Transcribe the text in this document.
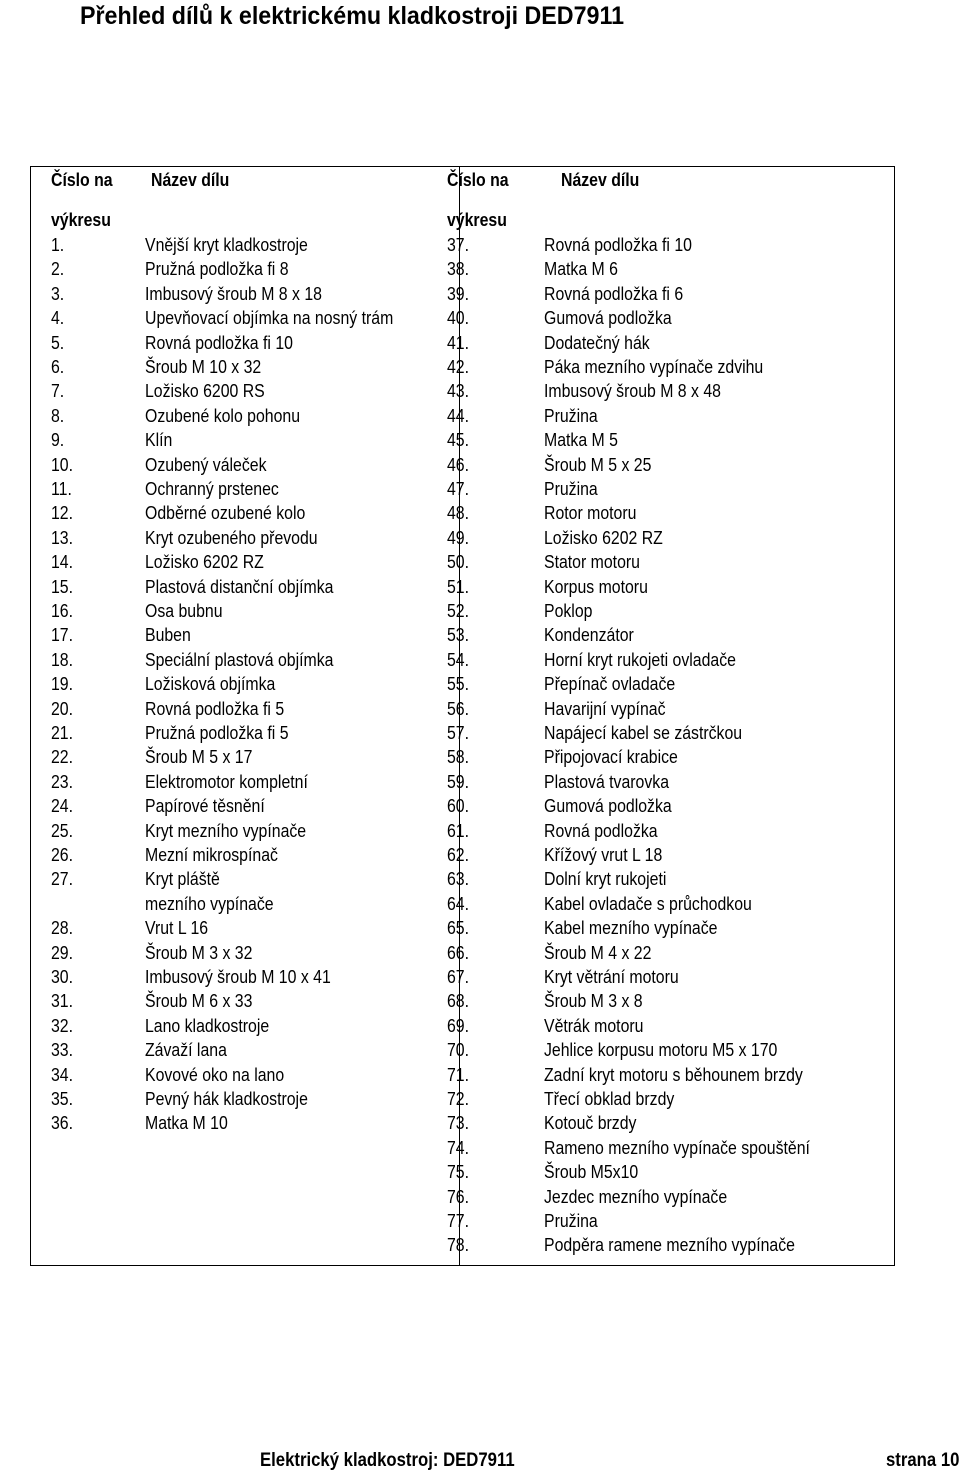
Přehled dílů k elektrickému kladkostroji DED7911
Číslo na Název dílu
výkresu
Číslo na	Název dílu
výkresu
1.	Vnější kryt kladkostroje
2.	Pružná podložka fi 8
3.	Imbusový šroub M 8 x 18
4.	Upevňovací objímka na nosný trám
5.	Rovná podložka fi 10
6.	Šroub M 10 x 32
7.	Ložisko 6200 RS
8.	Ozubené kolo pohonu
9.	Klín
10.	Ozubený váleček
11.	Ochranný prstenec
12.	Odběrné ozubené kolo
13.	Kryt ozubeného převodu
14.	Ložisko 6202 RZ
15.	Plastová distanční objímka
16.	Osa bubnu
17.	Buben
18.	Speciální plastová objímka
19.	Ložisková objímka
20.	Rovná podložka fi 5
21.	Pružná podložka fi 5
22.	Šroub M 5 x 17
23.	Elektromotor kompletní
24.	Papírové těsnění
25.	Kryt mezního vypínače
26.	Mezní mikrospínač
27.	Kryt pláště
mezního vypínače
28.	Vrut L 16
29.	Šroub M 3 x 32
30.	Imbusový šroub M 10 x 41
31.	Šroub M 6 x 33
32.	Lano kladkostroje
33.	Závaží lana
34.	Kovové oko na lano
35.	Pevný hák kladkostroje
36.	Matka M 10
37.	Rovná podložka fi 10
38.	Matka M 6
39.	Rovná podložka fi 6
40.	Gumová podložka
41.	Dodatečný hák
42.	Páka mezního vypínače zdvihu
43.	Imbusový šroub M 8 x 48
44.	Pružina
45.	Matka M 5
46.	Šroub M 5 x 25
47.	Pružina
48.	Rotor motoru
49.	Ložisko 6202 RZ
50.	Stator motoru
51.	Korpus motoru
52.	Poklop
53.	Kondenzátor
54.	Horní kryt rukojeti ovladače
55.	Přepínač ovladače
56.	Havarijní vypínač
57.	Napájecí kabel se zástrčkou
58.	Připojovací krabice
59.	Plastová tvarovka
60.	Gumová podložka
61.	Rovná podložka
62.	Křížový vrut L 18
63.	Dolní kryt rukojeti
64.	Kabel ovladače s průchodkou
65.	Kabel mezního vypínače
66.	Šroub M 4 x 22
67.	Kryt větrání motoru
68.	Šroub M 3 x 8
69.	Větrák motoru
70.	Jehlice korpusu motoru M5 x 170
71.	Zadní kryt motoru s běhounem brzdy
72.	Třecí obklad brzdy
73.	Kotouč brzdy
74.	Rameno mezního vypínače spouštění
75.	Šroub M5x10
76.	Jezdec mezního vypínače
77.	Pružina
78.	Podpěra ramene mezního vypínače
Elektrický kladkostroj: DED7911	strana 10
